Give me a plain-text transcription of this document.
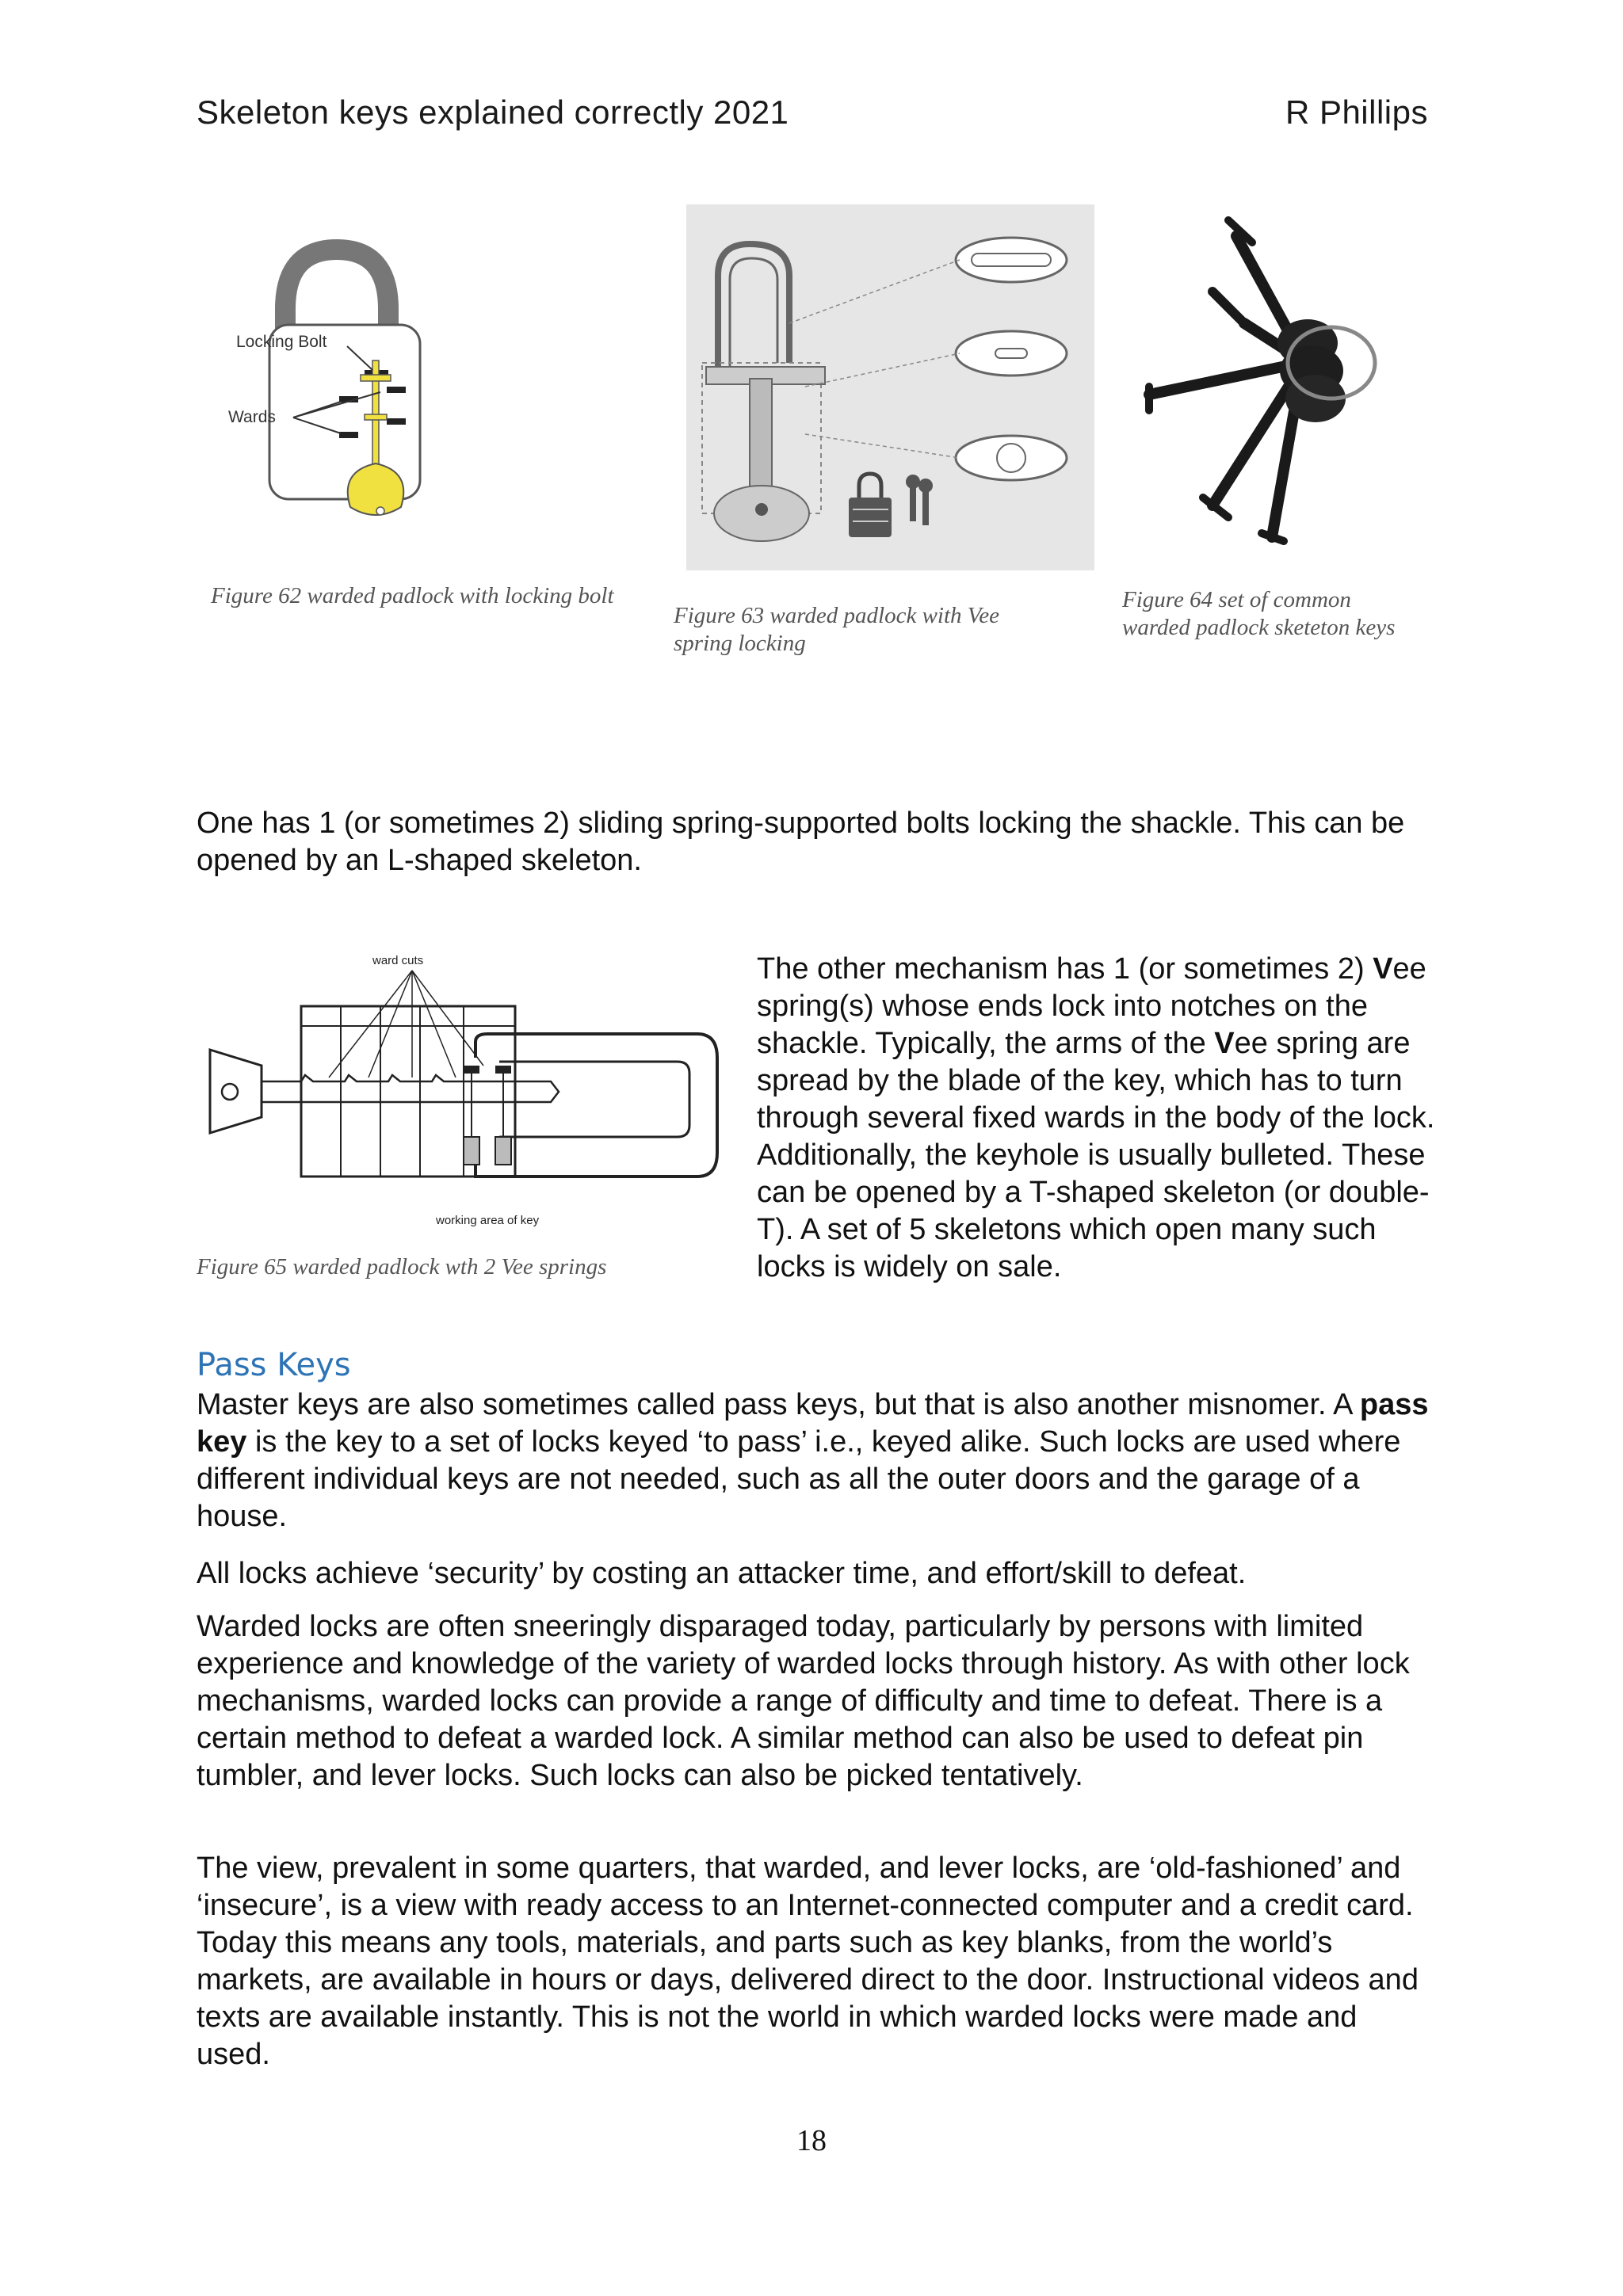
Skeleton keys explained correctly 2021	R Phillips
Locking Bolt
Wards
Figure 62 warded padlock with locking bolt
Figure 63 warded padlock with Vee spring locking
Figure 64 set of common warded padlock sketeton keys

One has 1 (or sometimes 2) sliding spring-supported bolts locking the shackle. This can be opened by an L-shaped skeleton.

ward cuts
working area of key
Figure 65 warded padlock wth 2 Vee springs

The other mechanism has 1 (or sometimes 2) Vee spring(s) whose ends lock into notches on the shackle. Typically, the arms of the Vee spring are spread by the blade of the key, which has to turn through several fixed wards in the body of the lock. Additionally, the keyhole is usually bulleted. These can be opened by a T-shaped skeleton (or double-T). A set of 5 skeletons which open many such locks is widely on sale.

Pass Keys

Master keys are also sometimes called pass keys, but that is also another misnomer. A pass key is the key to a set of locks keyed ‘to pass’ i.e., keyed alike. Such locks are used where different individual keys are not needed, such as all the outer doors and the garage of a house.

All locks achieve ‘security’ by costing an attacker time, and effort/skill to defeat.

Warded locks are often sneeringly disparaged today, particularly by persons with limited experience and knowledge of the variety of warded locks through history. As with other lock mechanisms, warded locks can provide a range of difficulty and time to defeat. There is a certain method to defeat a warded lock. A similar method can also be used to defeat pin tumbler, and lever locks. Such locks can also be picked tentatively.

The view, prevalent in some quarters, that warded, and lever locks, are ‘old-fashioned’ and ‘insecure’, is a view with ready access to an Internet-connected computer and a credit card. Today this means any tools, materials, and parts such as key blanks, from the world’s markets, are available in hours or days, delivered direct to the door. Instructional videos and texts are available instantly. This is not the world in which warded locks were made and used.

18
